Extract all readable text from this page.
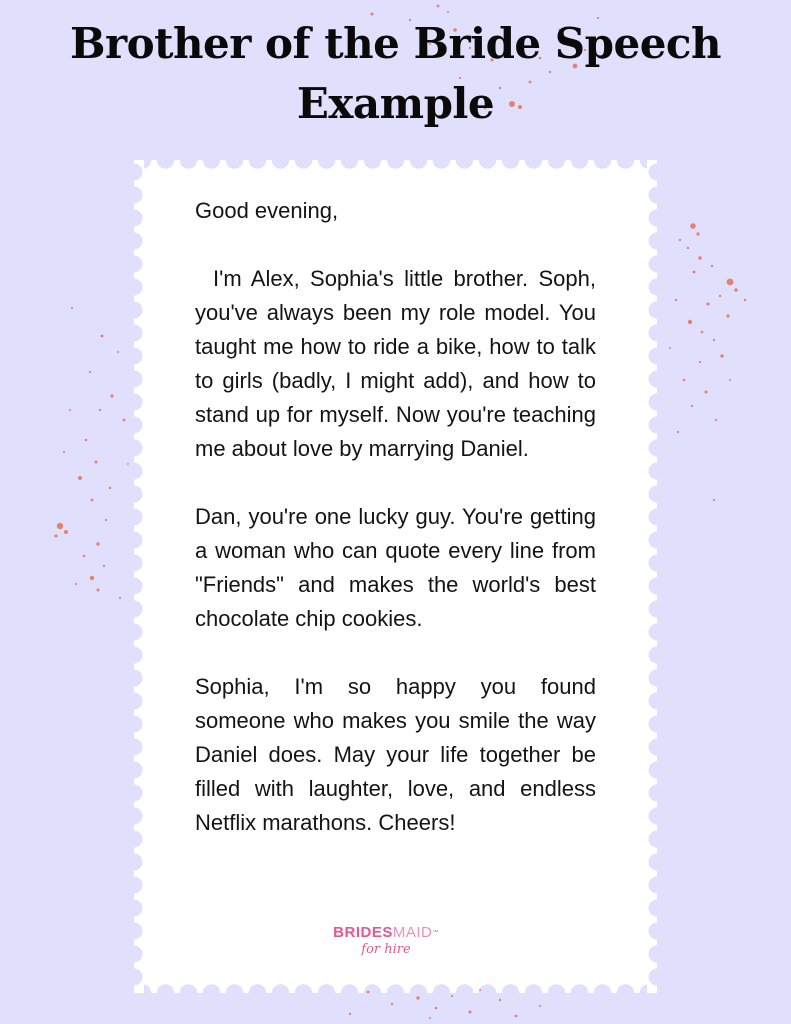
Brother of the Bride Speech
Example

Good evening,

I'm Alex, Sophia's little brother. Soph, you've always been my role model. You taught me how to ride a bike, how to talk to girls (badly, I might add), and how to stand up for myself. Now you're teaching me about love by marrying Daniel.

Dan, you're one lucky guy. You're getting a woman who can quote every line from "Friends" and makes the world's best chocolate chip cookies.

Sophia, I'm so happy you found someone who makes you smile the way Daniel does. May your life together be filled with laughter, love, and endless Netflix marathons. Cheers!

BRIDESMAID™
for hire
